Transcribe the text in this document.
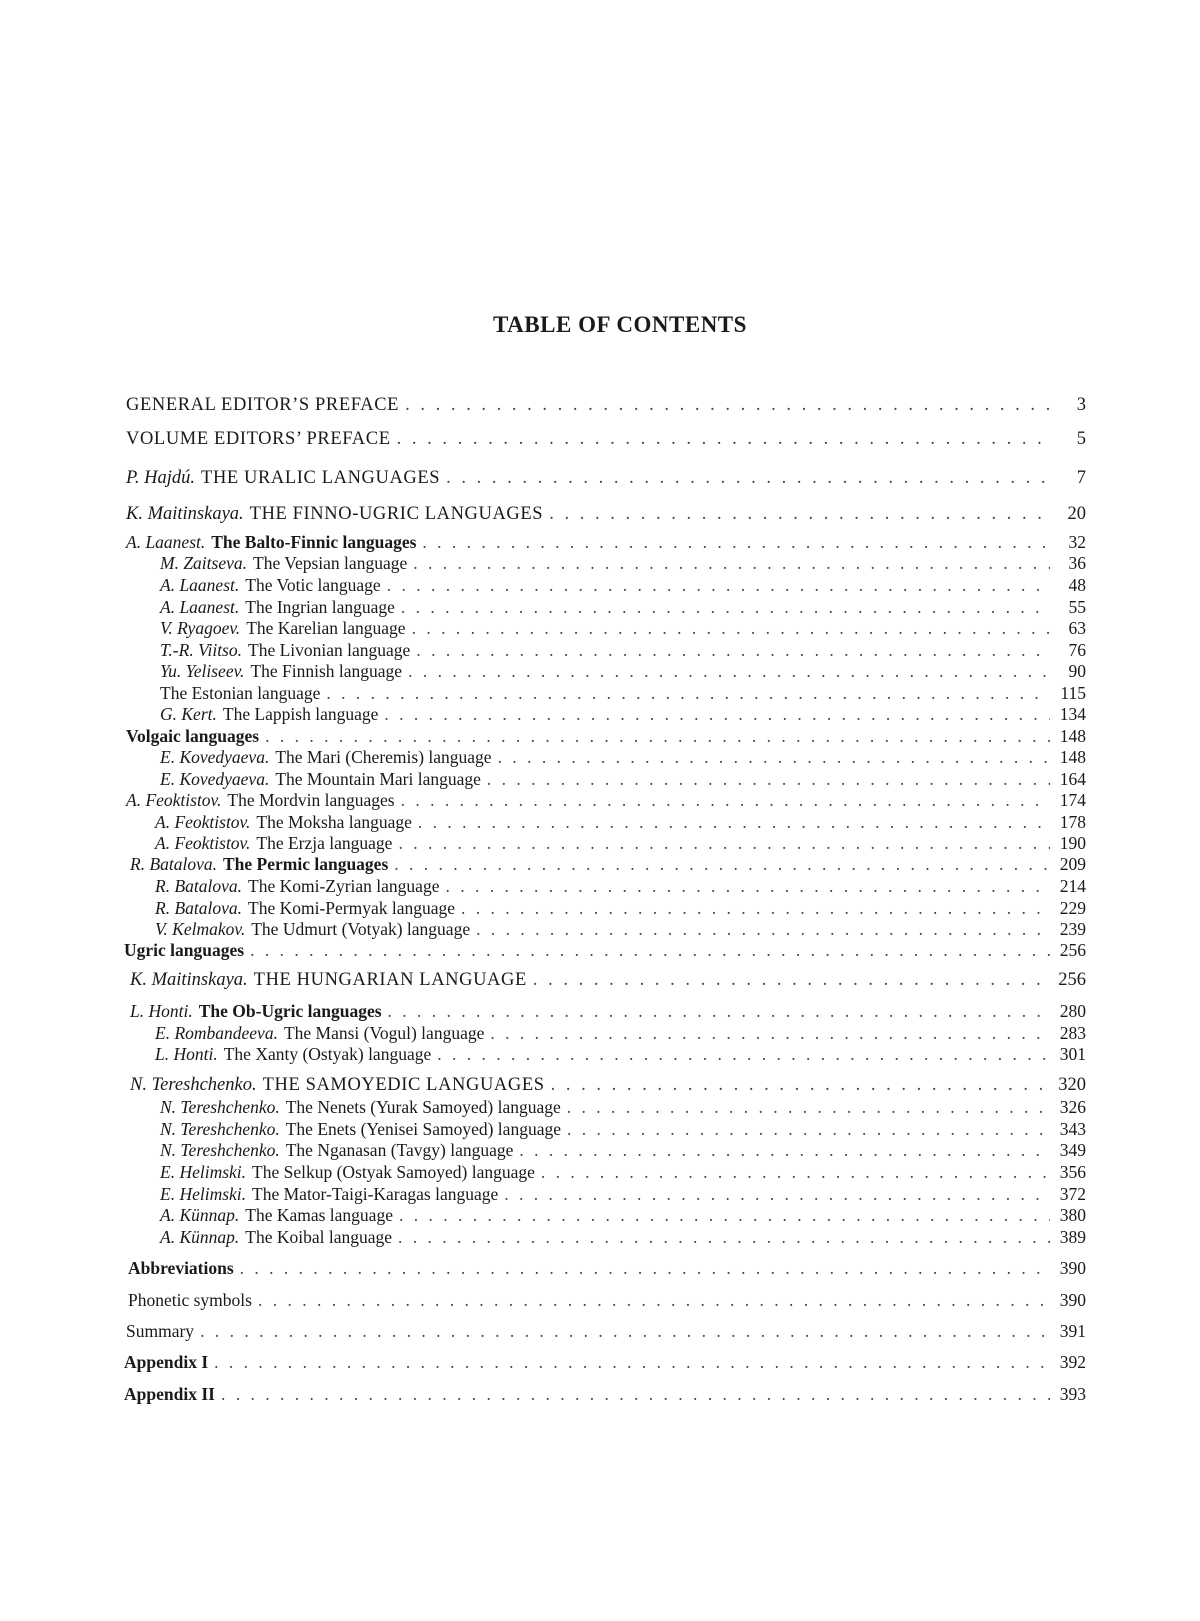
TABLE OF CONTENTS
GENERAL EDITOR’S PREFACE . . .	3
VOLUME EDITORS’ PREFACE . . .	5
P. Hajdú. THE URALIC LANGUAGES . . .	7
K. Maitinskaya. THE FINNO-UGRIC LANGUAGES . . .	20
A. Laanest. The Balto-Finnic languages . . .	32
M. Zaitseva. The Vepsian language . . .	36
A. Laanest. The Votic language . . .	48
A. Laanest. The Ingrian language . . .	55
V. Ryagoev. The Karelian language . . .	63
T.-R. Viitso. The Livonian language . . .	76
Yu. Yeliseev. The Finnish language . . .	90
The Estonian language . . .	115
G. Kert. The Lappish language . . .	134
Volgaic languages . . .	148
E. Kovedyaeva. The Mari (Cheremis) language . . .	148
E. Kovedyaeva. The Mountain Mari language . . .	164
A. Feoktistov. The Mordvin languages . . .	174
A. Feoktistov. The Moksha language . . .	178
A. Feoktistov. The Erzja language . . .	190
R. Batalova. The Permic languages . . .	209
R. Batalova. The Komi-Zyrian language . . .	214
R. Batalova. The Komi-Permyak language . . .	229
V. Kelmakov. The Udmurt (Votyak) language . . .	239
Ugric languages . . .	256
K. Maitinskaya. THE HUNGARIAN LANGUAGE . . .	256
L. Honti. The Ob-Ugric languages . . .	280
E. Rombandeeva. The Mansi (Vogul) language . . .	283
L. Honti. The Xanty (Ostyak) language . . .	301
N. Tereshchenko. THE SAMOYEDIC LANGUAGES . . .	320
N. Tereshchenko. The Nenets (Yurak Samoyed) language . . .	326
N. Tereshchenko. The Enets (Yenisei Samoyed) language . . .	343
N. Tereshchenko. The Nganasan (Tavgy) language . . .	349
E. Helimski. The Selkup (Ostyak Samoyed) language . . .	356
E. Helimski. The Mator-Taigi-Karagas language . . .	372
A. Künnap. The Kamas language . . .	380
A. Künnap. The Koibal language . . .	389
Abbreviations . . .	390
Phonetic symbols . . .	390
Summary . . .	391
Appendix I . . .	392
Appendix II . . .	393
